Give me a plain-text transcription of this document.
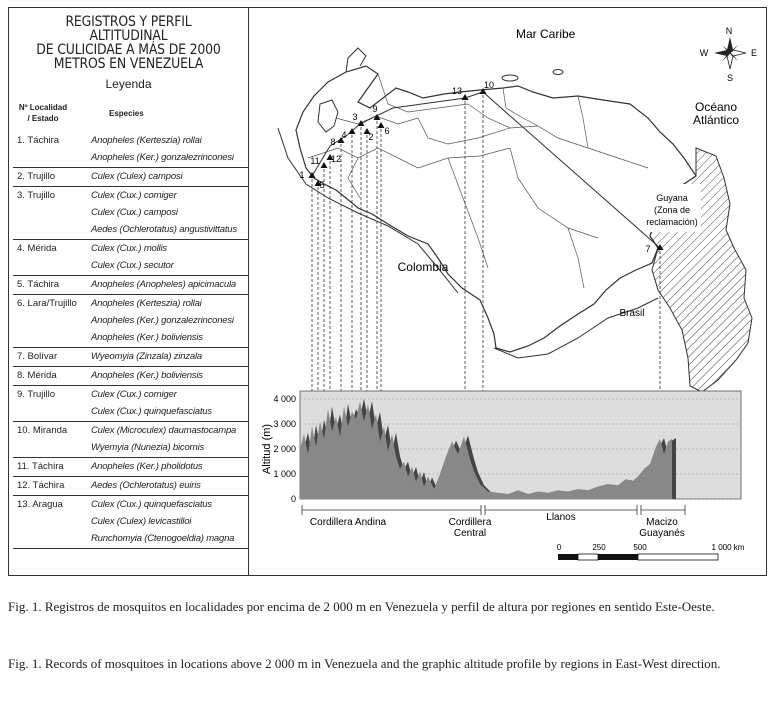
REGISTROS Y PERFIL ALTITUDINAL
DE CULICIDAE A MÁS DE 2000
METROS EN VENEZUELA
Leyenda
Nº Localidad
/ Estado
Especies
1. Táchira	Anopheles (Kerteszia) rollai
Anopheles (Ker.) gonzalezrinconesi
2. Trujillo	Culex (Culex) camposi
3. Trujillo	Culex (Cux.) corniger
Culex (Cux.) camposi
Aedes (Ochlerotatus) angustivittatus
4. Mérida	Culex (Cux.) mollis
Culex (Cux.) secutor
5. Táchira	Anopheles (Anopheles) apicimacula
6. Lara/Trujillo	Anopheles (Kerteszia) rollai
Anopheles (Ker.) gonzalezrinconesi
Anopheles (Ker.) boliviensis
7. Bolívar	Wyeomyia (Zinzala) zinzala
8. Mérida	Anopheles (Ker.) boliviensis
9. Trujillo	Culex (Cux.) corniger
Culex (Cux.) quinquefasciatus
10. Miranda	Culex (Microculex) daumastocampa
Wyemyia (Nunezia) bicornis
11. Táchira	Anopheles (Ker.) pholidotus
12. Táchira	Aedes (Ochlerotatus) euiris
13. Aragua	Culex (Cux.) quinquefasciatus
Culex (Culex) levicastilloi
Runchomyia (Ctenogoeldia) magna
1
2
3
4
5
6
7
8
9
10
11 12
13
Mar Caribe
Océano
Atlántico
Colombia
Brasil
Guyana
(Zona de
reclamación)
N
S
E
W
0
1 000
2 000
3 000
4 000
Altitud (m)
Cordillera Andina	Cordillera
Central
Llanos	Macizo
Guayanés
0	250	500	1 000 km
Fig. 1. Registros de mosquitos en localidades por encima de 2 000 m en Venezuela y perfil de altura por regiones en sentido Este-Oeste.
Fig. 1. Records of mosquitoes in locations above 2 000 m in Venezuela and the graphic altitude profile by regions in East-West direction.
